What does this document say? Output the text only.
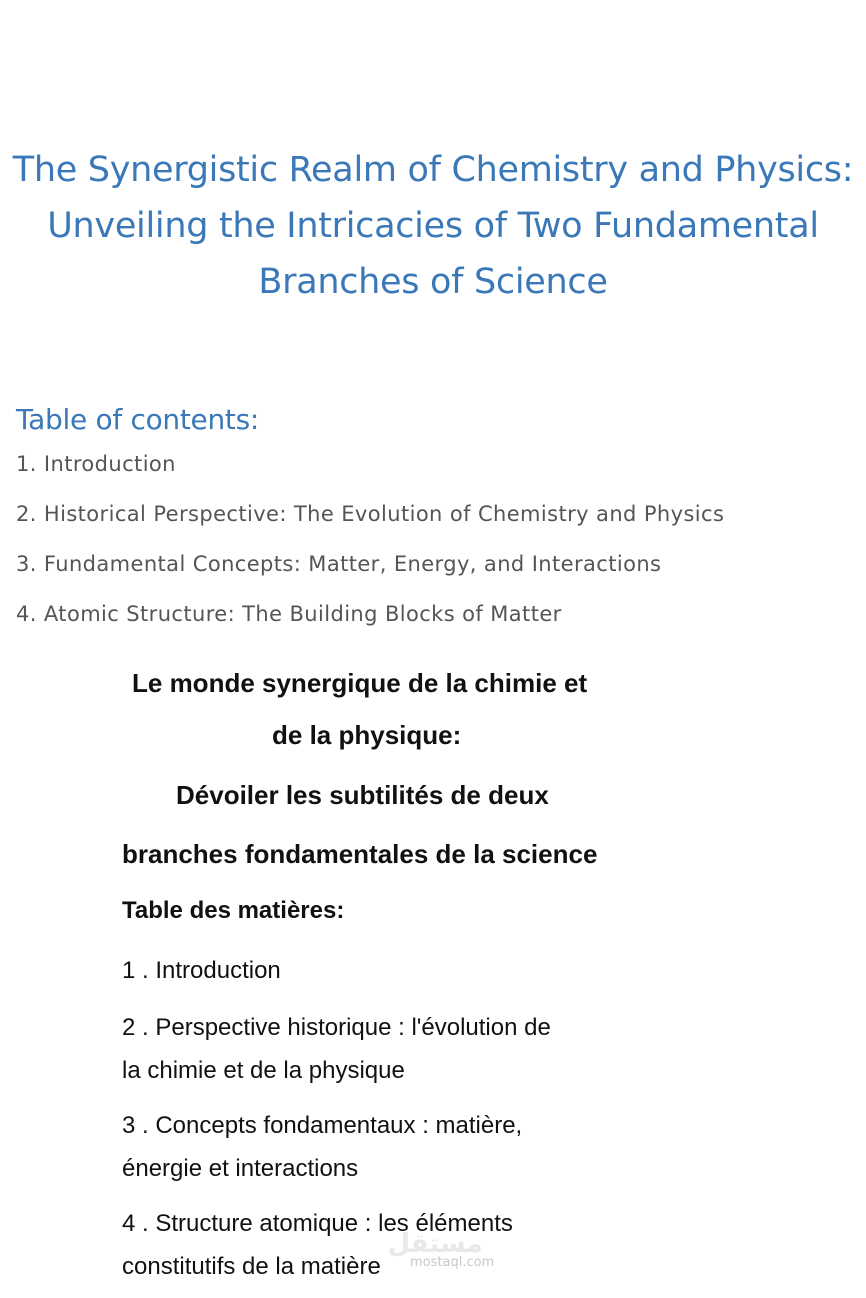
The Synergistic Realm of Chemistry and Physics:
Unveiling the Intricacies of Two Fundamental
Branches of Science
Table of contents:
1. Introduction
2. Historical Perspective: The Evolution of Chemistry and Physics
3. Fundamental Concepts: Matter, Energy, and Interactions
4. Atomic Structure: The Building Blocks of Matter
Le monde synergique de la chimie et
de la physique:
Dévoiler les subtilités de deux
branches fondamentales de la science
Table des matières:
1 . Introduction
2 . Perspective historique : l'évolution de
la chimie et de la physique
3 . Concepts fondamentaux : matière,
énergie et interactions
4 . Structure atomique : les éléments
constitutifs de la matière
مستقل
mostaql.com
